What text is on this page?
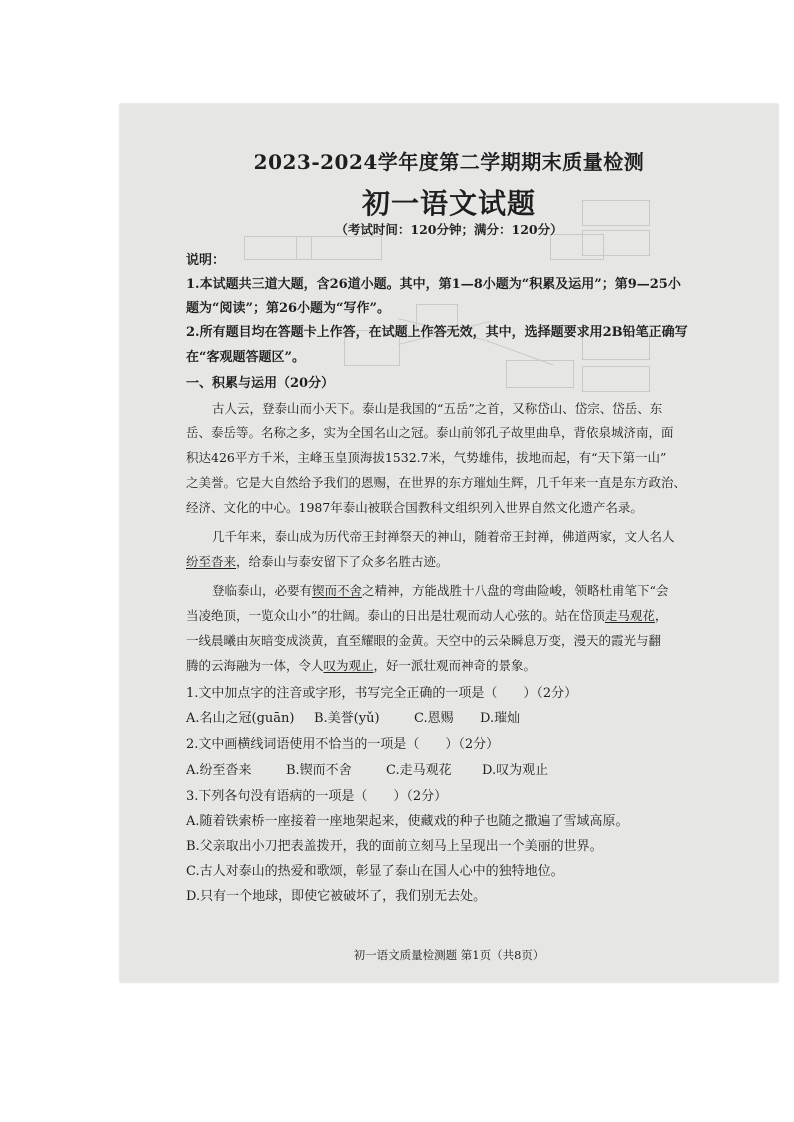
2023-2024学年度第二学期期末质量检测
初一语文试题
（考试时间：120分钟；满分：120分）
说明：
1.本试题共三道大题，含26道小题。其中，第1—8小题为“积累及运用”；第9—25小
题为“阅读”；第26小题为“写作”。
2.所有题目均在答题卡上作答，在试题上作答无效，其中，选择题要求用2B铅笔正确写
在“客观题答题区”。
一、积累与运用（20分）
古人云，登泰山而小天下。泰山是我国的“五岳”之首，又称岱山、岱宗、岱岳、东
岳、泰岳等。名称之多，实为全国名山之冠。泰山前邻孔子故里曲阜，背依泉城济南，面
积达426平方千米，主峰玉皇顶海拔1532.7米，气势雄伟，拔地而起，有“天下第一山”
之美誉。它是大自然给予我们的恩赐，在世界的东方璀灿生辉，几千年来一直是东方政治、
经济、文化的中心。1987年泰山被联合国教科文组织列入世界自然文化遗产名录。
几千年来，泰山成为历代帝王封禅祭天的神山，随着帝王封禅，佛道两家，文人名人
纷至沓来，给泰山与泰安留下了众多名胜古迹。
登临泰山，必要有锲而不舍之精神，方能战胜十八盘的弯曲险峻，领略杜甫笔下“会
当凌绝顶，一览众山小”的壮阔。泰山的日出是壮观而动人心弦的。站在岱顶走马观花，
一线晨曦由灰暗变成淡黄，直至耀眼的金黄。天空中的云朵瞬息万变，漫天的霞光与翻
腾的云海融为一体，令人叹为观止，好一派壮观而神奇的景象。
1.文中加点字的注音或字形，书写完全正确的一项是（　　）（2分）
A.名山之冠(guān) B.美誉(yǔ)	C.恩赐 D.璀灿
2.文中画横线词语使用不恰当的一项是（　　）（2分）
A.纷至沓来	B.锲而不舍	C.走马观花 D.叹为观止
3.下列各句没有语病的一项是（　　）（2分）
A.随着铁索桥一座接着一座地架起来，使藏戏的种子也随之撒遍了雪域高原。
B.父亲取出小刀把表盖拨开，我的面前立刻马上呈现出一个美丽的世界。
C.古人对泰山的热爱和歌颂，彰显了泰山在国人心中的独特地位。
D.只有一个地球，即使它被破坏了，我们别无去处。
初一语文质量检测题 第1页（共8页）
